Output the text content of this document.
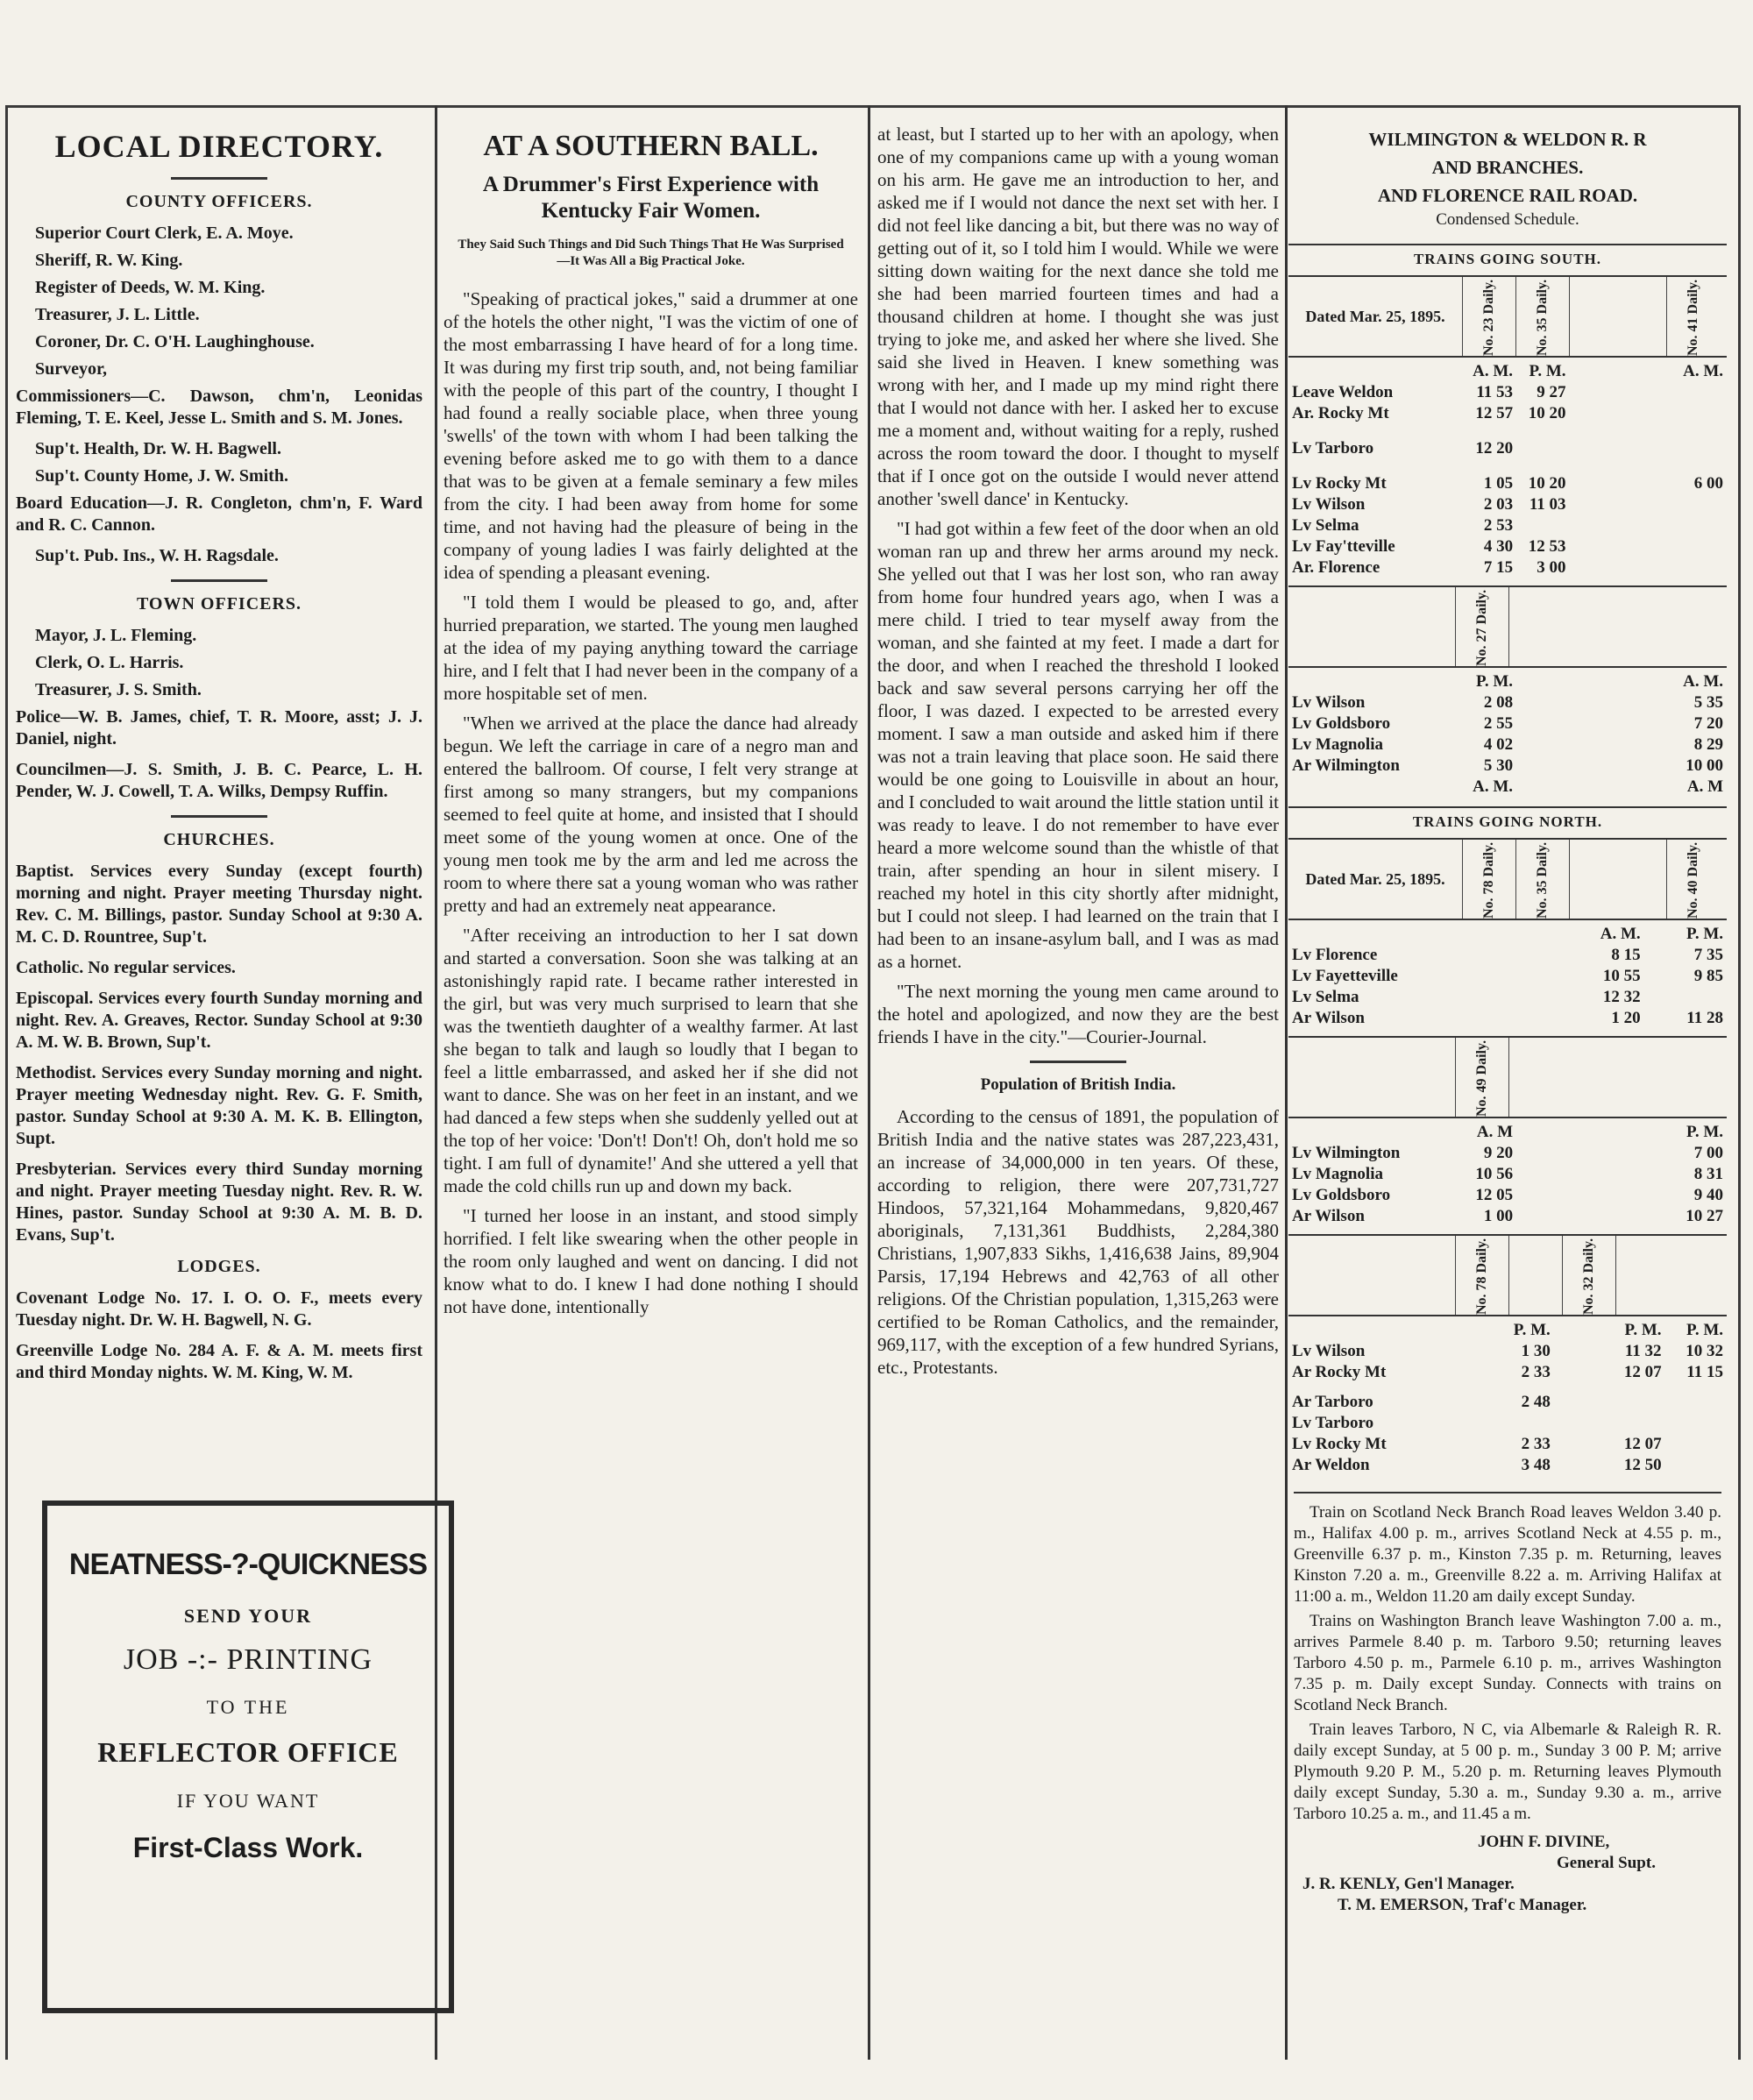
LOCAL DIRECTORY.
COUNTY OFFICERS.
Superior Court Clerk, E. A. Moye.
Sheriff, R. W. King.
Register of Deeds, W. M. King.
Treasurer, J. L. Little.
Coroner, Dr. C. O'H. Laughinghouse.
Surveyor,
Commissioners—C. Dawson, chm'n, Leonidas Fleming, T. E. Keel, Jesse L. Smith and S. M. Jones.
Sup't. Health, Dr. W. H. Bagwell.
Sup't. County Home, J. W. Smith.
Board Education—J. R. Congleton, chm'n, F. Ward and R. C. Cannon.
Sup't. Pub. Ins., W. H. Ragsdale.
TOWN OFFICERS.
Mayor, J. L. Fleming.
Clerk, O. L. Harris.
Treasurer, J. S. Smith.
Police—W. B. James, chief, T. R. Moore, asst; J. J. Daniel, night.
Councilmen—J. S. Smith, J. B. C. Pearce, L. H. Pender, W. J. Cowell, T. A. Wilks, Dempsy Ruffin.
CHURCHES.
Baptist. Services every Sunday (except fourth) morning and night. Prayer meeting Thursday night. Rev. C. M. Billings, pastor. Sunday School at 9:30 A. M. C. D. Rountree, Sup't.
Catholic. No regular services.
Episcopal. Services every fourth Sunday morning and night. Rev. A. Greaves, Rector. Sunday School at 9:30 A. M. W. B. Brown, Sup't.
Methodist. Services every Sunday morning and night. Prayer meeting Wednesday night. Rev. G. F. Smith, pastor. Sunday School at 9:30 A. M. K. B. Ellington, Supt.
Presbyterian. Services every third Sunday morning and night. Prayer meeting Tuesday night. Rev. R. W. Hines, pastor. Sunday School at 9:30 A. M. B. D. Evans, Sup't.
LODGES.
Covenant Lodge No. 17. I. O. O. F., meets every Tuesday night. Dr. W. H. Bagwell, N. G.
Greenville Lodge No. 284 A. F. & A. M. meets first and third Monday nights. W. M. King, W. M.
NEATNESS-?-QUICKNESS
SEND YOUR
JOB -:- PRINTING
TO THE
REFLECTOR OFFICE
IF YOU WANT
First-Class Work.
AT A SOUTHERN BALL.
A Drummer's First Experience with Kentucky Fair Women.
They Said Such Things and Did Such Things That He Was Surprised—It Was All a Big Practical Joke.

"Speaking of practical jokes," said a drummer at one of the hotels the other night, "I was the victim of one of the most embarrassing I have heard of for a long time. It was during my first trip south, and, not being familiar with the people of this part of the country, I thought I had found a really sociable place, when three young 'swells' of the town with whom I had been talking the evening before asked me to go with them to a dance that was to be given at a female seminary a few miles from the city. I had been away from home for some time, and not having had the pleasure of being in the company of young ladies I was fairly delighted at the idea of spending a pleasant evening.

"I told them I would be pleased to go, and, after hurried preparation, we started. The young men laughed at the idea of my paying anything toward the carriage hire, and I felt that I had never been in the company of a more hospitable set of men.

"When we arrived at the place the dance had already begun. We left the carriage in care of a negro man and entered the ballroom. Of course, I felt very strange at first among so many strangers, but my companions seemed to feel quite at home, and insisted that I should meet some of the young women at once. One of the young men took me by the arm and led me across the room to where there sat a young woman who was rather pretty and had an extremely neat appearance.

"After receiving an introduction to her I sat down and started a conversation. Soon she was talking at an astonishingly rapid rate. I became rather interested in the girl, but was very much surprised to learn that she was the twentieth daughter of a wealthy farmer. At last she began to talk and laugh so loudly that I began to feel a little embarrassed, and asked her if she did not want to dance. She was on her feet in an instant, and we had danced a few steps when she suddenly yelled out at the top of her voice: 'Don't! Don't! Oh, don't hold me so tight. I am full of dynamite!' And she uttered a yell that made the cold chills run up and down my back.

"I turned her loose in an instant, and stood simply horrified. I felt like swearing when the other people in the room only laughed and went on dancing. I did not know what to do. I knew I had done nothing I should not have done, intentionally

at least, but I started up to her with an apology, when one of my companions came up with a young woman on his arm. He gave me an introduction to her, and asked me if I would not dance the next set with her. I did not feel like dancing a bit, but there was no way of getting out of it, so I told him I would. While we were sitting down waiting for the next dance she told me she had been married fourteen times and had a thousand children at home. I thought she was just trying to joke me, and asked her where she lived. She said she lived in Heaven. I knew something was wrong with her, and I made up my mind right there that I would not dance with her. I asked her to excuse me a moment and, without waiting for a reply, rushed across the room toward the door. I thought to myself that if I once got on the outside I would never attend another 'swell dance' in Kentucky.

"I had got within a few feet of the door when an old woman ran up and threw her arms around my neck. She yelled out that I was her lost son, who ran away from home four hundred years ago, when I was a mere child. I tried to tear myself away from the woman, and she fainted at my feet. I made a dart for the door, and when I reached the threshold I looked back and saw several persons carrying her off the floor, I was dazed. I expected to be arrested every moment. I saw a man outside and asked him if there was not a train leaving that place soon. He said there would be one going to Louisville in about an hour, and I concluded to wait around the little station until it was ready to leave. I do not remember to have ever heard a more welcome sound than the whistle of that train, after spending an hour in silent misery. I reached my hotel in this city shortly after midnight, but I could not sleep. I had learned on the train that I had been to an insane-asylum ball, and I was as mad as a hornet.

"The next morning the young men came around to the hotel and apologized, and now they are the best friends I have in the city."—Courier-Journal.

Population of British India.

According to the census of 1891, the population of British India and the native states was 287,223,431, an increase of 34,000,000 in ten years. Of these, according to religion, there were 207,731,727 Hindoos, 57,321,164 Mohammedans, 9,820,467 aboriginals, 7,131,361 Buddhists, 2,284,380 Christians, 1,907,833 Sikhs, 1,416,638 Jains, 89,904 Parsis, 17,194 Hebrews and 42,763 of all other religions. Of the Christian population, 1,315,263 were certified to be Roman Catholics, and the remainder, 969,117, with the exception of a few hundred Syrians, etc., Protestants.

WILMINGTON & WELDON R. R
AND BRANCHES.
AND FLORENCE RAIL ROAD.
Condensed Schedule.
TRAINS GOING SOUTH.
Dated Mar. 25, 1895.	No. 23 Daily.	No. 35 Daily.	No. 41 Daily.
	A. M.	P. M.		A. M.
Leave Weldon	11 53	9 27		
Ar. Rocky Mt	12 57	10 20		

Lv Tarboro	12 20			

Lv Rocky Mt	1 05	10 20		6 00
Lv Wilson	2 03	11 03		
Lv Selma	2 53			
Lv Fay'tteville	4 30	12 53		
Ar. Florence	7 15	3 00		
No. 27 Daily.
	P. M.		A. M.
Lv Wilson	2 08		5 35
Lv Goldsboro	2 55		7 20
Lv Magnolia	4 02		8 29
Ar Wilmington	5 30		10 00
	A. M.		A. M
TRAINS GOING NORTH.
Dated Mar. 25, 1895.	No. 78 Daily.	No. 35 Daily.	No. 40 Daily.
	A. M.	P. M.
Lv Florence	8 15	7 35
Lv Fayetteville	10 55	9 85
Lv Selma	12 32	
Ar Wilson	1 20	11 28
No. 49 Daily.
	A. M		P. M.
Lv Wilmington	9 20		7 00
Lv Magnolia	10 56		8 31
Lv Goldsboro	12 05		9 40
Ar Wilson	1 00		10 27
No. 78 Daily.	No. 32 Daily.
	P. M.		P. M.	P. M.
Lv Wilson	1 30		11 32	10 32
Ar Rocky Mt	2 33		12 07	11 15

Ar Tarboro	2 48			
Lv Tarboro				
Lv Rocky Mt	2 33		12 07	
Ar Weldon	3 48		12 50	

Train on Scotland Neck Branch Road leaves Weldon 3.40 p. m., Halifax 4.00 p. m., arrives Scotland Neck at 4.55 p. m., Greenville 6.37 p. m., Kinston 7.35 p. m. Returning, leaves Kinston 7.20 a. m., Greenville 8.22 a. m. Arriving Halifax at 11:00 a. m., Weldon 11.20 am daily except Sunday.

Trains on Washington Branch leave Washington 7.00 a. m., arrives Parmele 8.40 p. m. Tarboro 9.50; returning leaves Tarboro 4.50 p. m., Parmele 6.10 p. m., arrives Washington 7.35 p. m. Daily except Sunday. Connects with trains on Scotland Neck Branch.

Train leaves Tarboro, N C, via Albemarle & Raleigh R. R. daily except Sunday, at 5 00 p. m., Sunday 3 00 P. M; arrive Plymouth 9.20 P. M., 5.20 p. m. Returning leaves Plymouth daily except Sunday, 5.30 a. m., Sunday 9.30 a. m., arrive Tarboro 10.25 a. m., and 11.45 a m.

JOHN F. DIVINE,
General Supt.
J. R. KENLY, Gen'l Manager.
T. M. EMERSON, Traf'c Manager.
